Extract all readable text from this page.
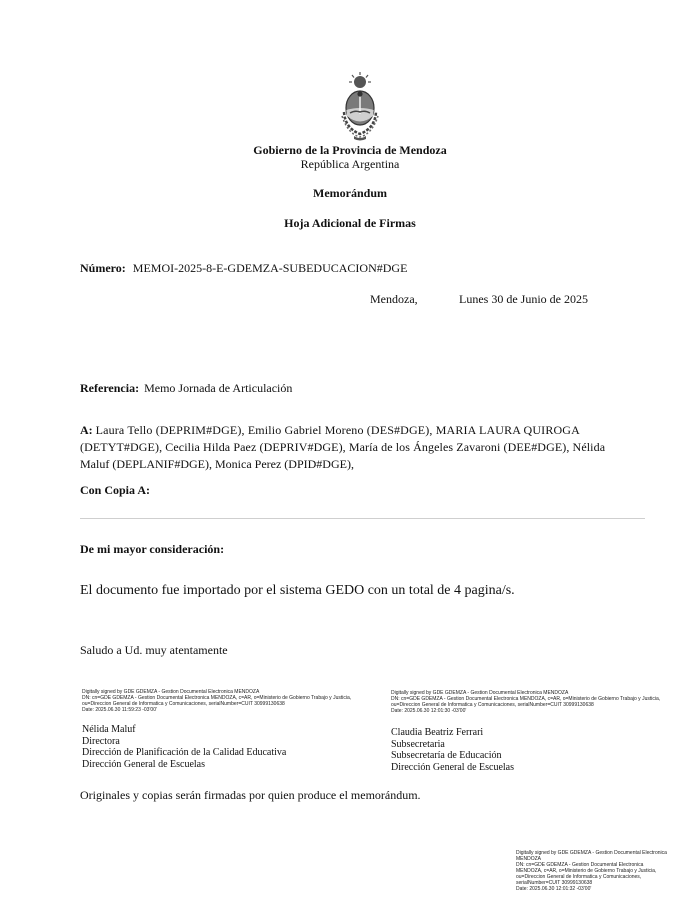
Gobierno de la Provincia de Mendoza
República Argentina
Memorándum
Hoja Adicional de Firmas
Número: MEMOI-2025-8-E-GDEMZA-SUBEDUCACION#DGE
Mendoza,	Lunes 30 de Junio de 2025
Referencia: Memo Jornada de Articulación
A: Laura Tello (DEPRIM#DGE), Emilio Gabriel Moreno (DES#DGE), MARIA LAURA QUIROGA
(DETYT#DGE), Cecilia Hilda Paez (DEPRIV#DGE), María de los Ángeles Zavaroni (DEE#DGE), Nélida
Maluf (DEPLANIF#DGE), Monica Perez (DPID#DGE),
Con Copia A:
De mi mayor consideración:
El documento fue importado por el sistema GEDO con un total de 4 pagina/s.
Saludo a Ud. muy atentamente
Digitally signed by GDE GDEMZA - Gestion Documental Electronica MENDOZA
DN: cn=GDE GDEMZA - Gestion Documental Electronica MENDOZA, c=AR, o=Ministerio de Gobierno Trabajo y Justicia,
ou=Direccion General de Informatica y Comunicaciones, serialNumber=CUIT 30999130638
Date: 2025.06.30 11:59:23 -03'00'
Nélida Maluf
Directora
Dirección de Planificación de la Calidad Educativa
Dirección General de Escuelas
Digitally signed by GDE GDEMZA - Gestion Documental Electronica MENDOZA
DN: cn=GDE GDEMZA - Gestion Documental Electronica MENDOZA, c=AR, o=Ministerio de Gobierno Trabajo y Justicia,
ou=Direccion General de Informatica y Comunicaciones, serialNumber=CUIT 30999130638
Date: 2025.06.30 12:01:30 -03'00'
Claudia Beatriz Ferrari
Subsecretaria
Subsecretaría de Educación
Dirección General de Escuelas
Originales y copias serán firmadas por quien produce el memorándum.
Digitally signed by GDE GDEMZA - Gestion Documental Electronica
MENDOZA
DN: cn=GDE GDEMZA - Gestion Documental Electronica
MENDOZA, c=AR, o=Ministerio de Gobierno Trabajo y Justicia,
ou=Direccion General de Informatica y Comunicaciones,
serialNumber=CUIT 30999130638
Date: 2025.06.30 12:01:32 -03'00'
